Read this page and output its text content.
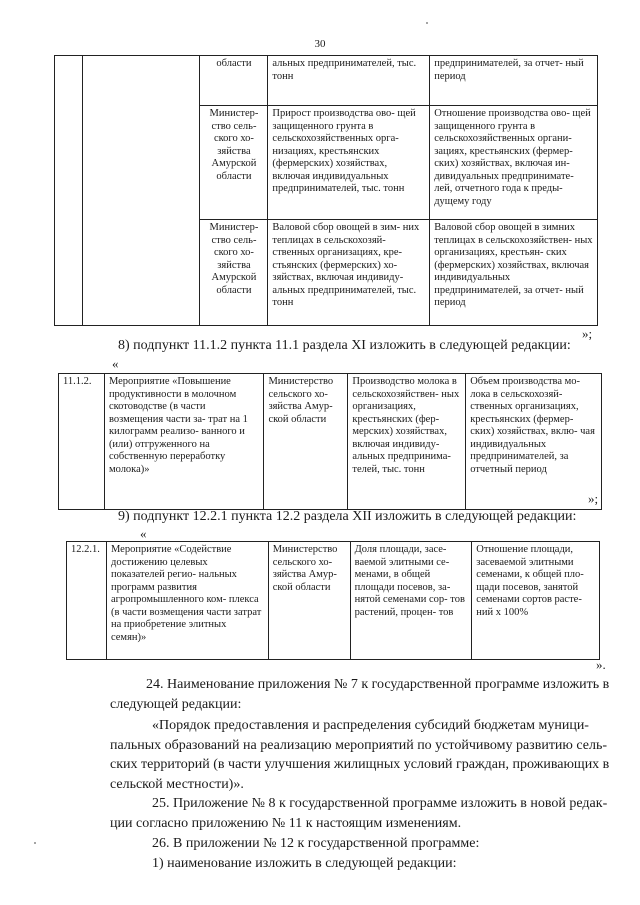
30
		области	альных предпринимателей, тыс. тонн	предпринимателей, за отчет- ный период
		Министер- ство сель- ского хо- зяйства Амурской области	Прирост производства ово- щей защищенного грунта в сельскохозяйственных орга- низациях, крестьянских (фермерских) хозяйствах, включая индивидуальных предпринимателей, тыс. тонн	Отношение производства ово- щей защищенного грунта в сельскохозяйственных органи- зациях, крестьянских (фермер- ских) хозяйствах, включая ин- дивидуальных предпринимате- лей, отчетного года к преды- дущему году
		Министер- ство сель- ского хо- зяйства Амурской области	Валовой сбор овощей в зим- них теплицах в сельскохозяй- ственных организациях, кре- стьянских (фермерских) хо- зяйствах, включая индивиду- альных предпринимателей, тыс. тонн	Валовой сбор овощей в зимних теплицах в сельскохозяйствен- ных организациях, крестьян- ских (фермерских) хозяйствах, включая индивидуальных предпринимателей, за отчет- ный период
»;
8) подпункт 11.1.2 пункта 11.1 раздела XI изложить в следующей редакции:
«
11.1.2.	Мероприятие «Повышение продуктивности в молочном скотоводстве (в части возмещения части за- трат на 1 килограмм реализо- ванного и (или) отгруженного на собственную переработку молока)»	Министерство сельского хо- зяйства Амур- ской области	Производство молока в сельскохозяйствен- ных организациях, крестьянских (фер- мерских) хозяйствах, включая индивиду- альных предпринима- телей, тыс. тонн	Объем производства мо- лока в сельскохозяй- ственных организациях, крестьянских (фермер- ских) хозяйствах, вклю- чая индивидуальных предпринимателей, за отчетный период
»;
9) подпункт 12.2.1 пункта 12.2 раздела XII изложить в следующей редакции:
«
12.2.1.	Мероприятие «Содействие достижению целевых показателей регио- нальных программ развития агропромышленного ком- плекса (в части возмещения части затрат на приобретение элитных семян)»	Министерство сельского хо- зяйства Амур- ской области	Доля площади, засе- ваемой элитными се- менами, в общей площади посевов, за- нятой семенами сор- тов растений, процен- тов	Отношение площади, засеваемой элитными семенами, к общей пло- щади посевов, занятой семенами сортов расте- ний х 100%
».
24. Наименование приложения № 7 к государственной программе изложить в
следующей редакции:
«Порядок предоставления и распределения субсидий бюджетам муници-
пальных образований на реализацию мероприятий по устойчивому развитию сель-
ских территорий (в части улучшения жилищных условий граждан, проживающих в
сельской местности)».
25. Приложение № 8 к государственной программе изложить в новой редак-
ции согласно приложению № 11 к настоящим изменениям.
26. В приложении № 12 к государственной программе:
1) наименование изложить в следующей редакции:
